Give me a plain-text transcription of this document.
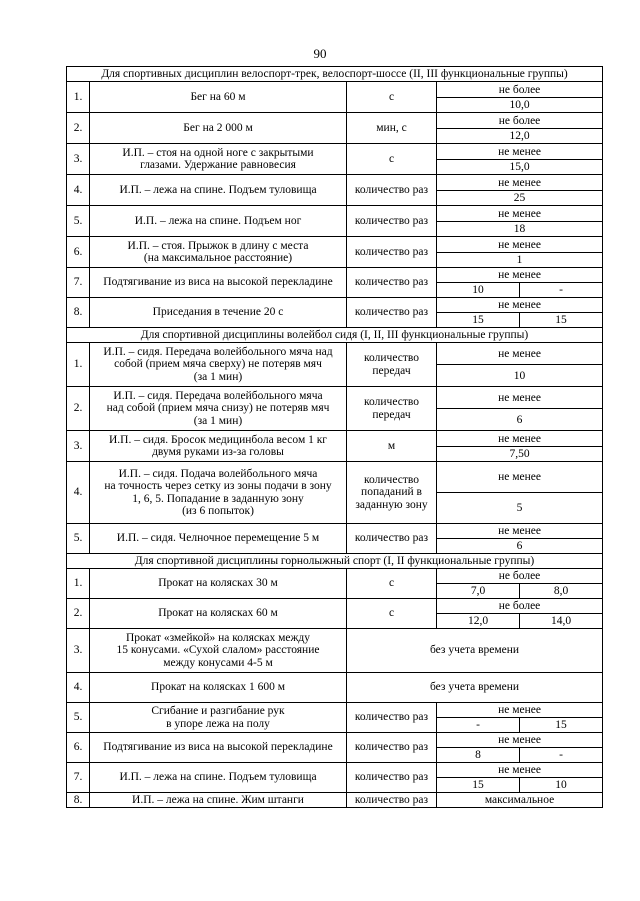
90
Для спортивных дисциплин велоспорт-трек, велоспорт-шоссе (II, III функциональные группы)
1.	Бег на 60 м	с	
не более
10,0

2.	Бег на 2 000 м	мин, с	
не более
12,0

3.	И.П. – стоя на одной ноге с закрытыми
глазами. Удержание равновесия	с	
не менее
15,0

4.	И.П. – лежа на спине. Подъем туловища	количество раз	
не менее
25

5.	И.П. – лежа на спине. Подъем ног	количество раз	
не менее
18

6.	И.П. – стоя. Прыжок в длину с места
(на максимальное расстояние)	количество раз	
не менее
1

7.	Подтягивание из виса на высокой перекладине	количество раз	
не менее
10	-

8.	Приседания в течение 20 с	количество раз	
не менее
15	15

Для спортивной дисциплины волейбол сидя (I, II, III функциональные группы)
1.	И.П. – сидя. Передача волейбольного мяча над
собой (прием мяча сверху) не потеряв мяч
(за 1 мин)	количество
передач	
не менее
10

2.	И.П. – сидя. Передача волейбольного мяча
над собой (прием мяча снизу) не потеряв мяч
(за 1 мин)	количество
передач	
не менее
6

3.	И.П. – сидя. Бросок медицинбола весом 1 кг
двумя руками из-за головы	м	
не менее
7,50

4.	И.П. – сидя. Подача волейбольного мяча
на точность через сетку из зоны подачи в зону
1, 6, 5. Попадание в заданную зону
(из 6 попыток)	количество
попаданий в
заданную зону	
не менее
5

5.	И.П. – сидя. Челночное перемещение 5 м	количество раз	
не менее
6

Для спортивной дисциплины горнолыжный спорт (I, II функциональные группы)
1.	Прокат на колясках 30 м	с	
не более
7,0	8,0

2.	Прокат на колясках 60 м	с	
не более
12,0	14,0

3.	Прокат «змейкой» на колясках между
15 конусами. «Сухой слалом» расстояние
между конусами 4-5 м	без учета времени
4.	Прокат на колясках 1 600 м	без учета времени
5.	Сгибание и разгибание рук
в упоре лежа на полу	количество раз	
не менее
-	15

6.	Подтягивание из виса на высокой перекладине	количество раз	
не менее
8	-

7.	И.П. – лежа на спине. Подъем туловища	количество раз	
не менее
15	10

8.	И.П. – лежа на спине. Жим штанги	количество раз	максимальное
